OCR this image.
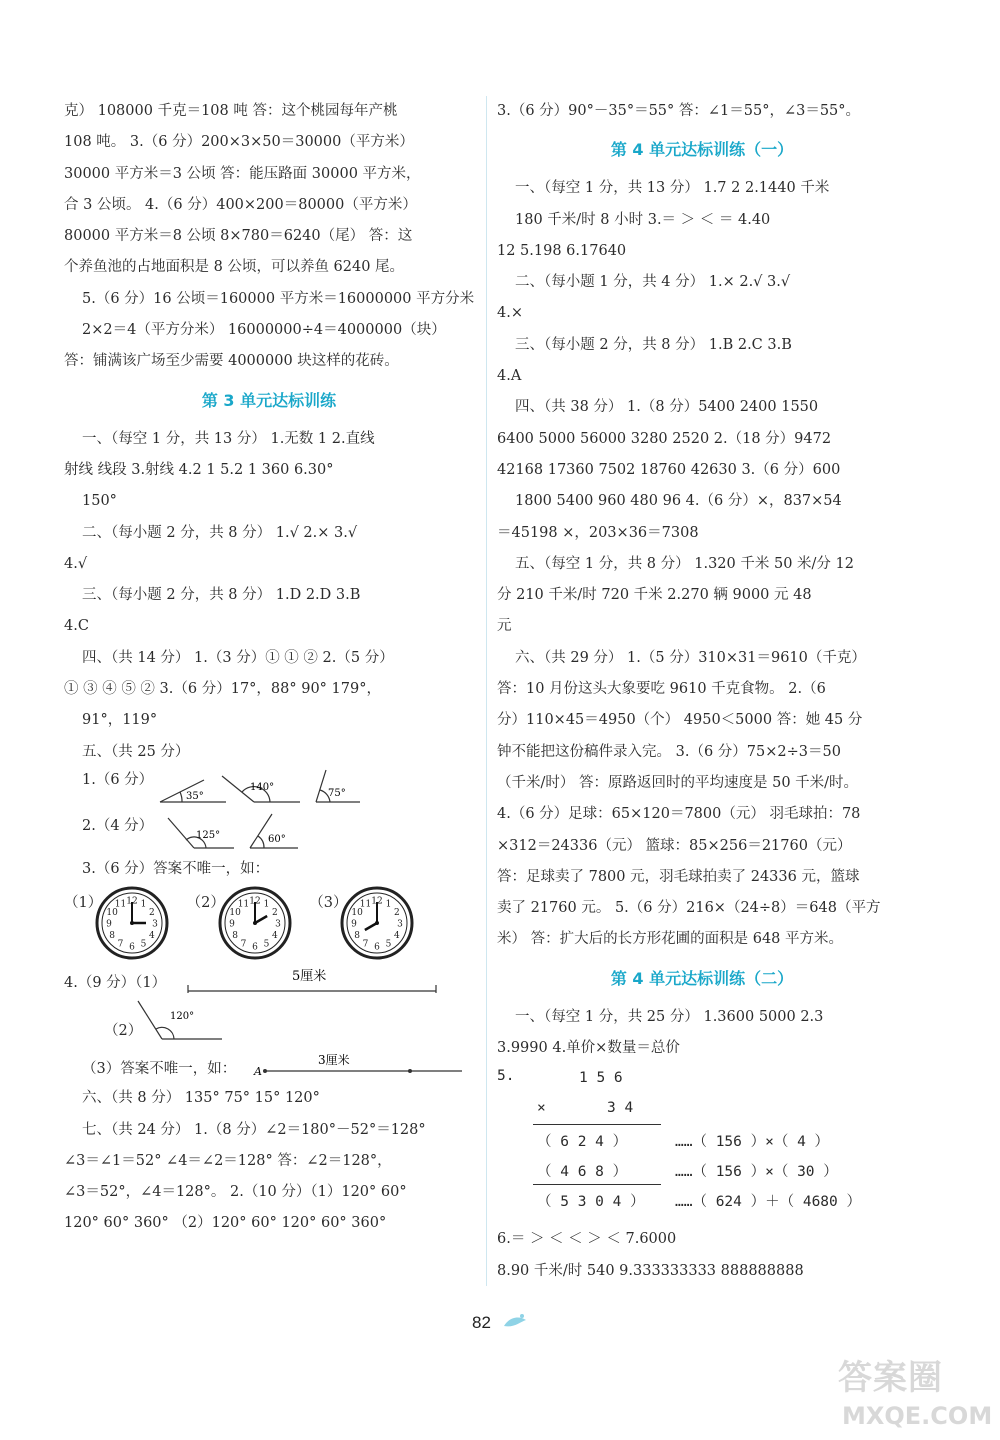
克） 108000 千克＝108 吨 答：这个桃园每年产桃
108 吨。 3.（6 分）200×3×50＝30000（平方米）
30000 平方米＝3 公顷 答：能压路面 30000 平方米，
合 3 公顷。 4.（6 分）400×200＝80000（平方米）
80000 平方米＝8 公顷 8×780＝6240（尾） 答：这
个养鱼池的占地面积是 8 公顷，可以养鱼 6240 尾。
5.（6 分）16 公顷＝160000 平方米＝16000000 平方分米
2×2＝4（平方分米） 16000000÷4＝4000000（块）
答：铺满该广场至少需要 4000000 块这样的花砖。
第 3 单元达标训练
一、（每空 1 分，共 13 分） 1.无数 1 2.直线
射线 线段 3.射线 4.2 1 5.2 1 360 6.30°
150°
二、（每小题 2 分，共 8 分） 1.√ 2.× 3.√
4.√
三、（每小题 2 分，共 8 分） 1.D 2.D 3.B
4.C
四、（共 14 分） 1.（3 分）① ① ② 2.（5 分）
① ③ ④ ⑤ ② 3.（6 分）17°，88° 90° 179°，
91°，119°
五、（共 25 分）
1.（6 分）
35°
140°
75°
2.（4 分）
125°	60°
3.（6 分）答案不唯一，如：
（1）	1
2
3
4
5
6
7
8
9
10
11 12
	（2）	1
2
3
4
5
6
7
8
9
10
11 12
	（3）	1
2
3
4
5
6
7
8
9
10
11 12
4.（9 分）（1）	5厘米
（2）
120°
（3）答案不唯一，如： A
3厘米
六、（共 8 分） 135° 75° 15° 120°
七、（共 24 分） 1.（8 分）∠2＝180°－52°＝128°
∠3＝∠1＝52° ∠4＝∠2＝128° 答：∠2＝128°，
∠3＝52°，∠4＝128°。 2.（10 分）（1）120° 60°
120° 60° 360° （2）120° 60° 120° 60° 360°
3.（6 分）90°－35°＝55° 答：∠1＝55°，∠3＝55°。
第 4 单元达标训练（一）
一、（每空 1 分，共 13 分） 1.7 2 2.1440 千米
180 千米/时 8 小时 3.＝ ＞ ＜ ＝ 4.40
12 5.198 6.17640
二、（每小题 1 分，共 4 分） 1.× 2.√ 3.√
4.×
三、（每小题 2 分，共 8 分） 1.B 2.C 3.B
4.A
四、（共 38 分） 1.（8 分）5400 2400 1550
6400 5000 56000 3280 2520 2.（18 分）9472
42168 17360 7502 18760 42630 3.（6 分）600
1800 5400 960 480 96 4.（6 分）×，837×54
＝45198 ×，203×36＝7308
五、（每空 1 分，共 8 分） 1.320 千米 50 米/分 12
分 210 千米/时 720 千米 2.270 辆 9000 元 48
元
六、（共 29 分） 1.（5 分）310×31＝9610（千克）
答：10 月份这头大象要吃 9610 千克食物。 2.（6
分）110×45＝4950（个） 4950＜5000 答：她 45 分
钟不能把这份稿件录入完。 3.（6 分）75×2÷3＝50
（千米/时） 答：原路返回时的平均速度是 50 千米/时。
4.（6 分）足球：65×120＝7800（元） 羽毛球拍：78
×312＝24336（元） 篮球：85×256＝21760（元）
答：足球卖了 7800 元，羽毛球拍卖了 24336 元，篮球
卖了 21760 元。 5.（6 分）216×（24÷8）＝648（平方
米） 答：扩大后的长方形花圃的面积是 648 平方米。
第 4 单元达标训练（二）
一、（每空 1 分，共 25 分） 1.3600 5000 2.3
3.9990 4.单价×数量＝总价
5.	1 5 6
×	3 4
（ 6 2 4 ）	……（ 156 ）×（ 4 ）
（ 4 6 8 ）	……（ 156 ）×（ 30 ）
（ 5 3 0 4 ） ……（ 624 ）＋（ 4680 ）
6.＝ ＞ ＜ ＜ ＞ ＜ 7.6000
8.90 千米/时 540 9.333333333 888888888
82
答案圈
MXQE.COM
